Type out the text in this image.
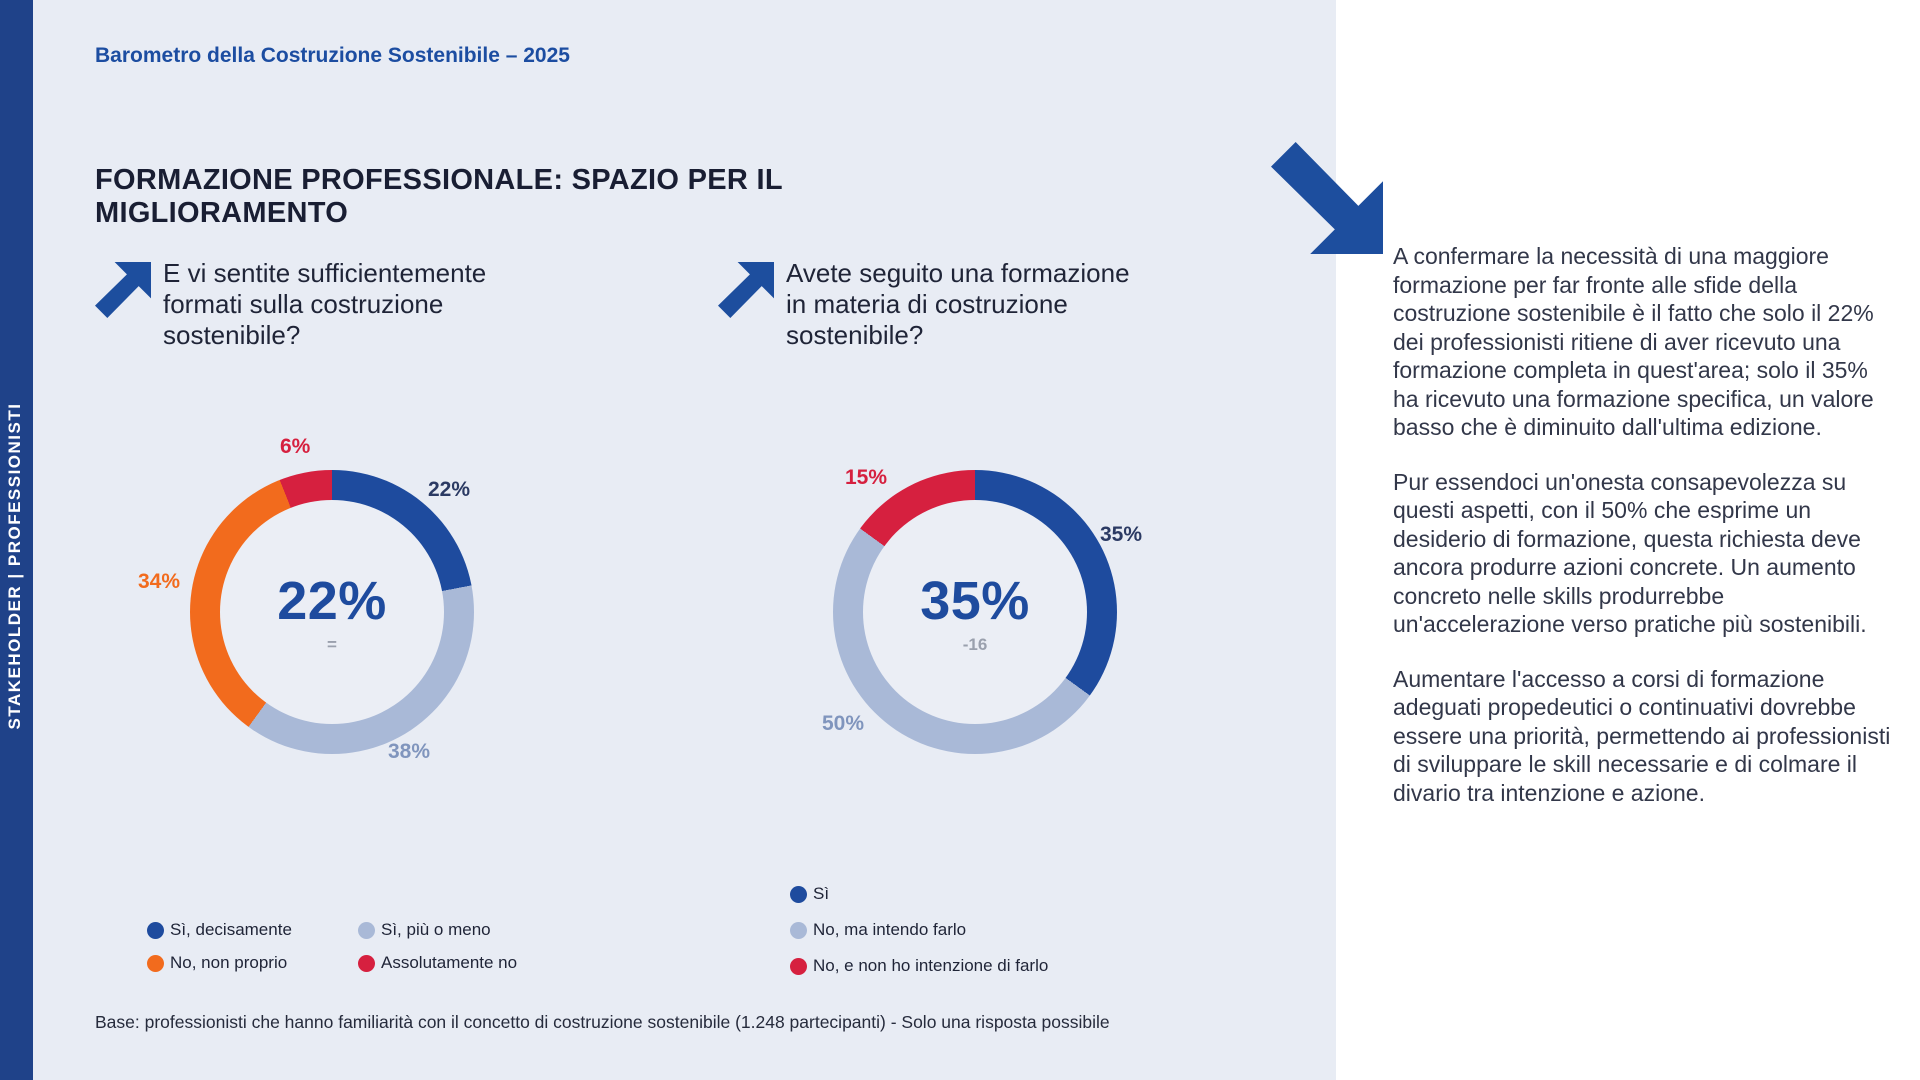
STAKEHOLDER | PROFESSIONISTI
Barometro della Costruzione Sostenibile – 2025
FORMAZIONE PROFESSIONALE: SPAZIO PER IL MIGLIORAMENTO
E vi sentite sufficientemente
formati sulla costruzione
sostenibile?
Avete seguito una formazione
in materia di costruzione
sostenibile?
22%
=
22%
38%
34%
6%
35%
-16
35%
50%
15%
Sì, decisamente	Sì, più o meno
No, non proprio	Assolutamente no
Sì
No, ma intendo farlo
No, e non ho intenzione di farlo
Base: professionisti che hanno familiarità con il concetto di costruzione sostenibile (1.248 partecipanti) - Solo una risposta possibile

A confermare la necessità di una maggiore formazione per far fronte alle sfide della costruzione sostenibile è il fatto che solo il 22% dei professionisti ritiene di aver ricevuto una formazione completa in quest'area; solo il 35% ha ricevuto una formazione specifica, un valore basso che è diminuito dall'ultima edizione.

Pur essendoci un'onesta consapevolezza su questi aspetti, con il 50% che esprime un desiderio di formazione, questa richiesta deve ancora produrre azioni concrete. Un aumento concreto nelle skills produrrebbe un'accelerazione verso pratiche più sostenibili.

Aumentare l'accesso a corsi di formazione adeguati propedeutici o continuativi dovrebbe essere una priorità, permettendo ai professionisti di sviluppare le skill necessarie e di colmare il divario tra intenzione e azione.
